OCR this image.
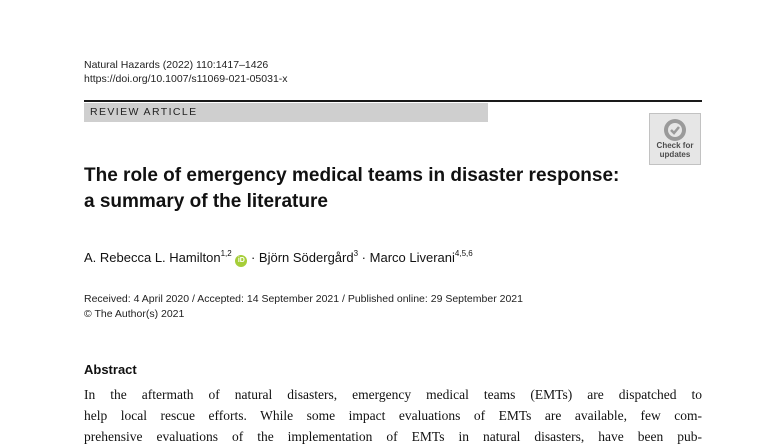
Natural Hazards (2022) 110:1417–1426
https://doi.org/10.1007/s11069-021-05031-x
REVIEW ARTICLE
Check for
updates
The role of emergency medical teams in disaster response:
a summary of the literature
A. Rebecca L. Hamilton$^{1,2}$ iD · Björn Södergård$^3$ · Marco Liverani$^{4,5,6}$
Received: 4 April 2020 / Accepted: 14 September 2021 / Published online: 29 September 2021
© The Author(s) 2021
Abstract
In the aftermath of natural disasters, emergency medical teams (EMTs) are dispatched to
help local rescue efforts. While some impact evaluations of EMTs are available, few com-
prehensive evaluations of the implementation of EMTs in natural disasters, have been pub-
